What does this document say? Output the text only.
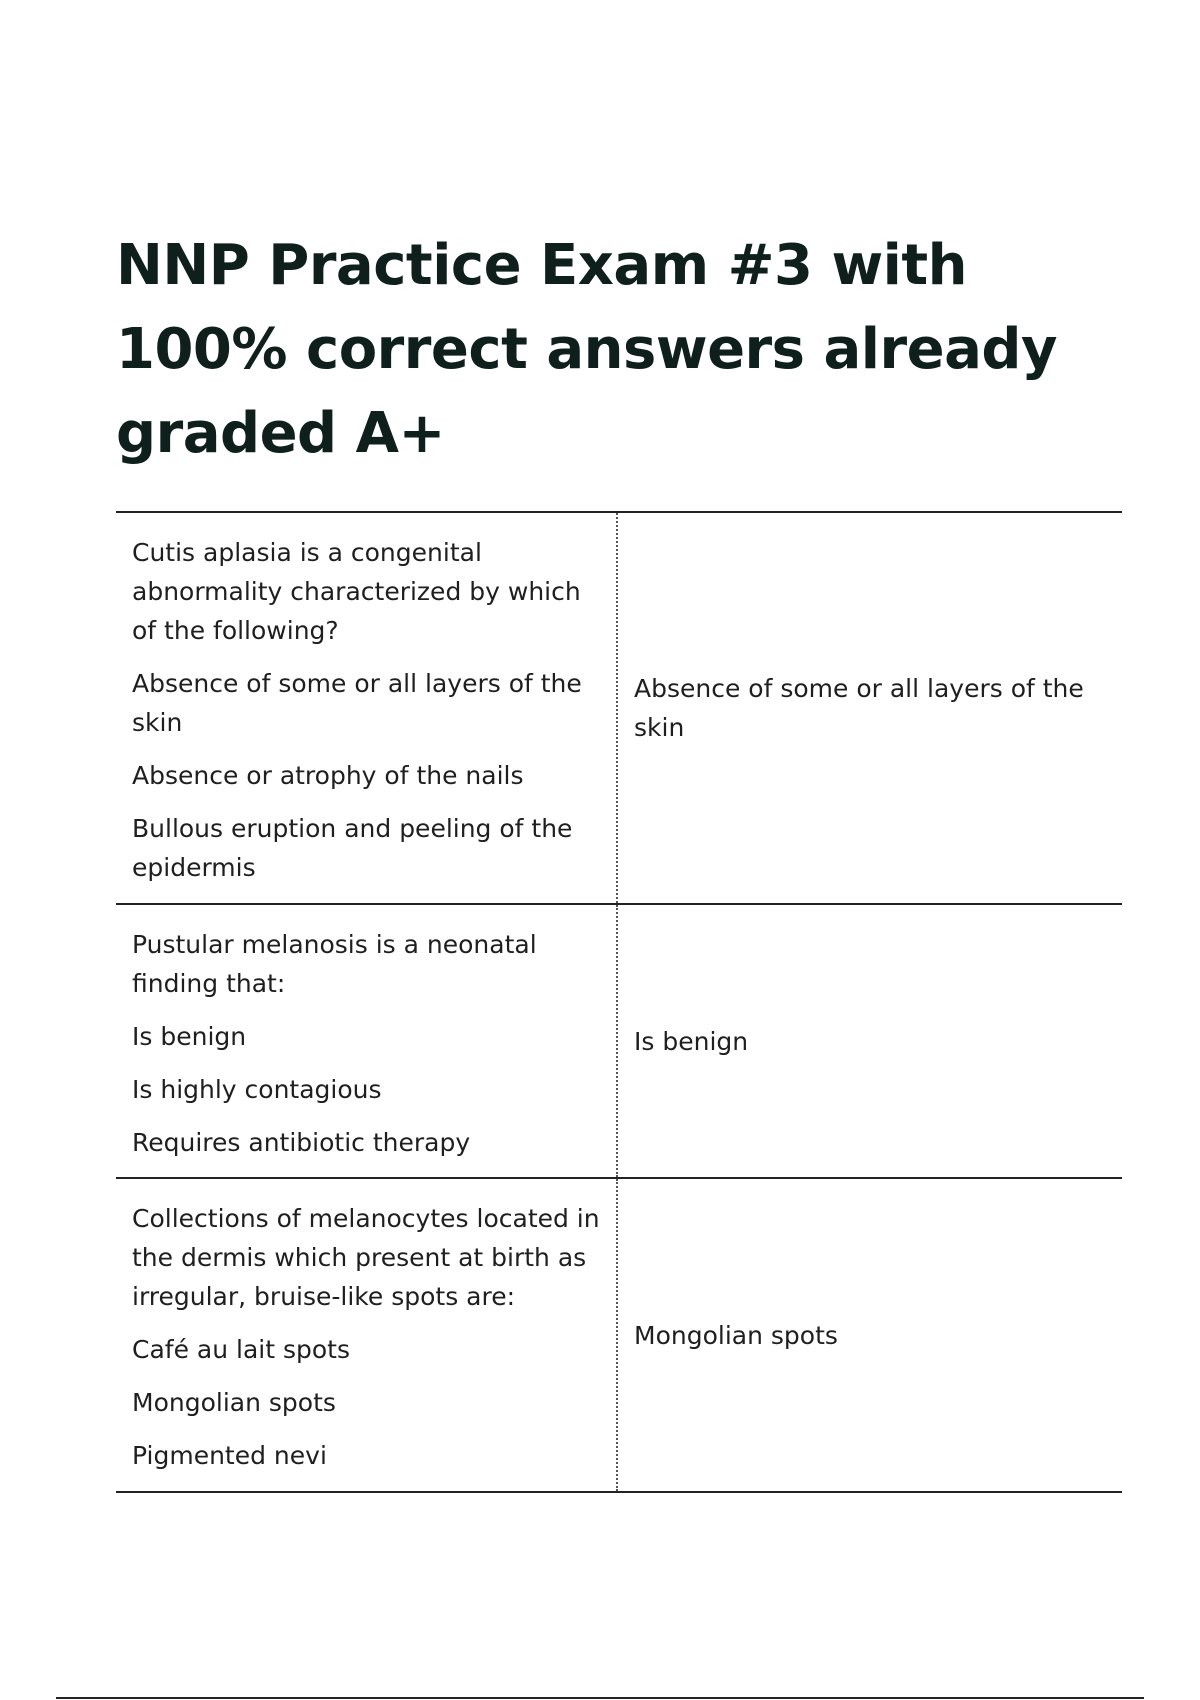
NNP Practice Exam #3 with 100% correct answers already graded A+

Cutis aplasia is a congenital abnormality characterized by which of the following?

Absence of some or all layers of the skin

Absence or atrophy of the nails

Bullous eruption and peeling of the epidermis

Absence of some or all layers of the skin

Pustular melanosis is a neonatal finding that:

Is benign

Is highly contagious

Requires antibiotic therapy

Is benign

Collections of melanocytes located in the dermis which present at birth as irregular, bruise-like spots are:

Café au lait spots

Mongolian spots

Pigmented nevi

Mongolian spots
